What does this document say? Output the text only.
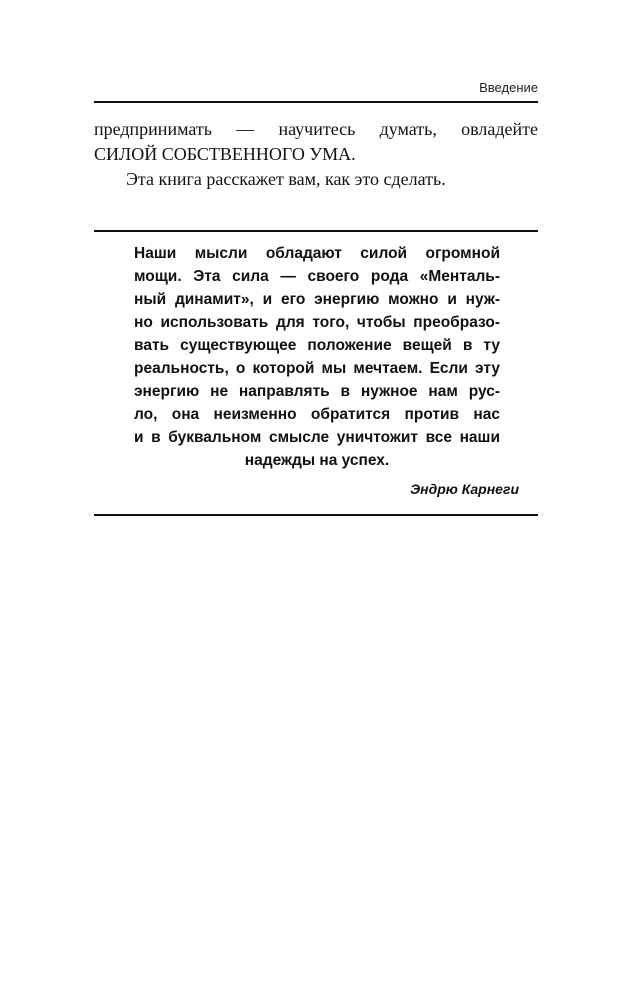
Введение
предпринимать — научитесь думать, овладейте
СИЛОЙ СОБСТВЕННОГО УМА.
Эта книга расскажет вам, как это сделать.
Наши мысли обладают силой огромной
мощи. Эта сила — своего рода «Менталь-
ный динамит», и его энергию можно и нуж-
но использовать для того, чтобы преобразо-
вать существующее положение вещей в ту
реальность, о которой мы мечтаем. Если эту
энергию не направлять в нужное нам рус-
ло, она неизменно обратится против нас
и в буквальном смысле уничтожит все наши
надежды на успех.
Эндрю Карнеги
